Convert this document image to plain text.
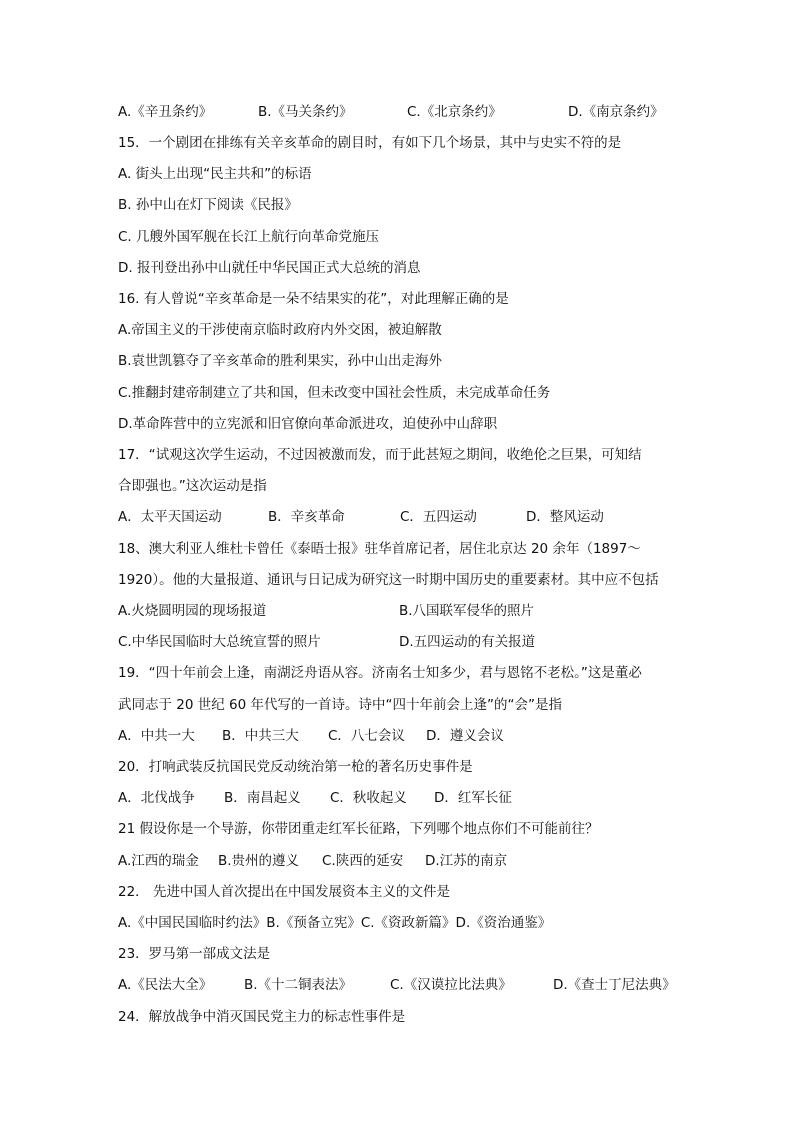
A.《辛丑条约》	B.《马关条约》	C.《北京条约》	D.《南京条约》
15．一个剧团在排练有关辛亥革命的剧目时，有如下几个场景，其中与史实不符的是
A. 街头上出现“民主共和”的标语
B. 孙中山在灯下阅读《民报》
C. 几艘外国军舰在长江上航行向革命党施压
D. 报刊登出孙中山就任中华民国正式大总统的消息
16. 有人曾说“辛亥革命是一朵不结果实的花”，对此理解正确的是
A.帝国主义的干涉使南京临时政府内外交困，被迫解散
B.袁世凯篡夺了辛亥革命的胜利果实，孙中山出走海外
C.推翻封建帝制建立了共和国，但未改变中国社会性质，未完成革命任务
D.革命阵营中的立宪派和旧官僚向革命派进攻，迫使孙中山辞职
17．“试观这次学生运动，不过因被激而发，而于此甚短之期间，收绝伦之巨果，可知结
合即强也。”这次运动是指
A．太平天国运动	B．辛亥革命	C．五四运动	D．整风运动
18、澳大利亚人维杜卡曾任《泰晤士报》驻华首席记者，居住北京达 20 余年（1897～
1920）。他的大量报道、通讯与日记成为研究这一时期中国历史的重要素材。其中应不包括
A.火烧圆明园的现场报道	B.八国联军侵华的照片
C.中华民国临时大总统宣誓的照片	D.五四运动的有关报道
19．“四十年前会上逢，南湖泛舟语从容。济南名士知多少，君与恩铭不老松。”这是董必
武同志于 20 世纪 60 年代写的一首诗。诗中“四十年前会上逢”的“会”是指
A．中共一大 B．中共三大 C．八七会议 D．遵义会议
20．打响武装反抗国民党反动统治第一枪的著名历史事件是
A．北伐战争 B．南昌起义 C．秋收起义 D．红军长征
21 假设你是一个导游，你带团重走红军长征路，下列哪个地点你们不可能前往？
A.江西的瑞金 B.贵州的遵义 C.陕西的延安 D.江苏的南京
22． 先进中国人首次提出在中国发展资本主义的文件是
A.《中国民国临时约法》B.《预备立宪》C.《资政新篇》D.《资治通鉴》
23．罗马第一部成文法是
A.《民法大全》 B.《十二铜表法》	C.《汉谟拉比法典》	D.《查士丁尼法典》
24．解放战争中消灭国民党主力的标志性事件是
